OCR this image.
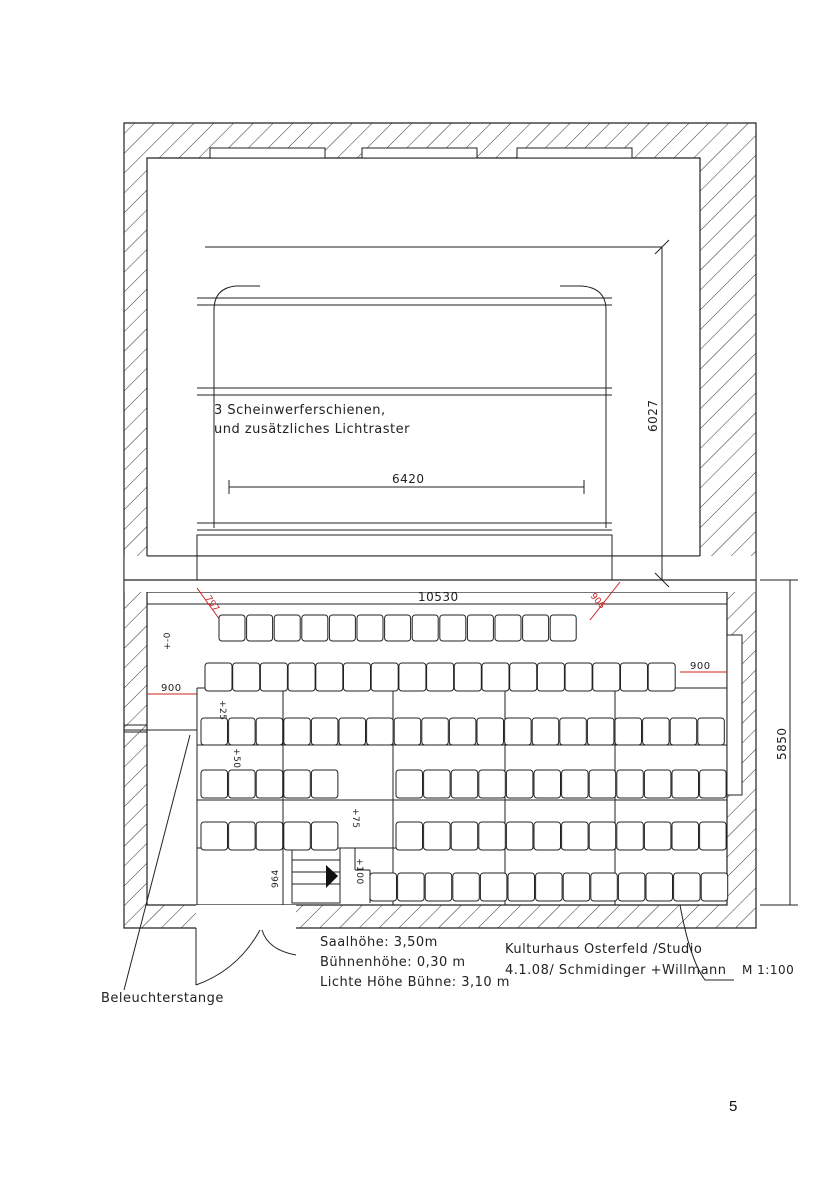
6420
6027
10530
5850
797	906
900
900
964
+-0
+25
+50
+75
+100
3 Scheinwerferschienen,
und zusätzliches Lichtraster
Saalhöhe: 3,50m
Bühnenhöhe: 0,30 m
Lichte Höhe Bühne: 3,10 m
Kulturhaus Osterfeld /Studio
4.1.08/ Schmidinger +Willmann M 1:100
Beleuchterstange
5
